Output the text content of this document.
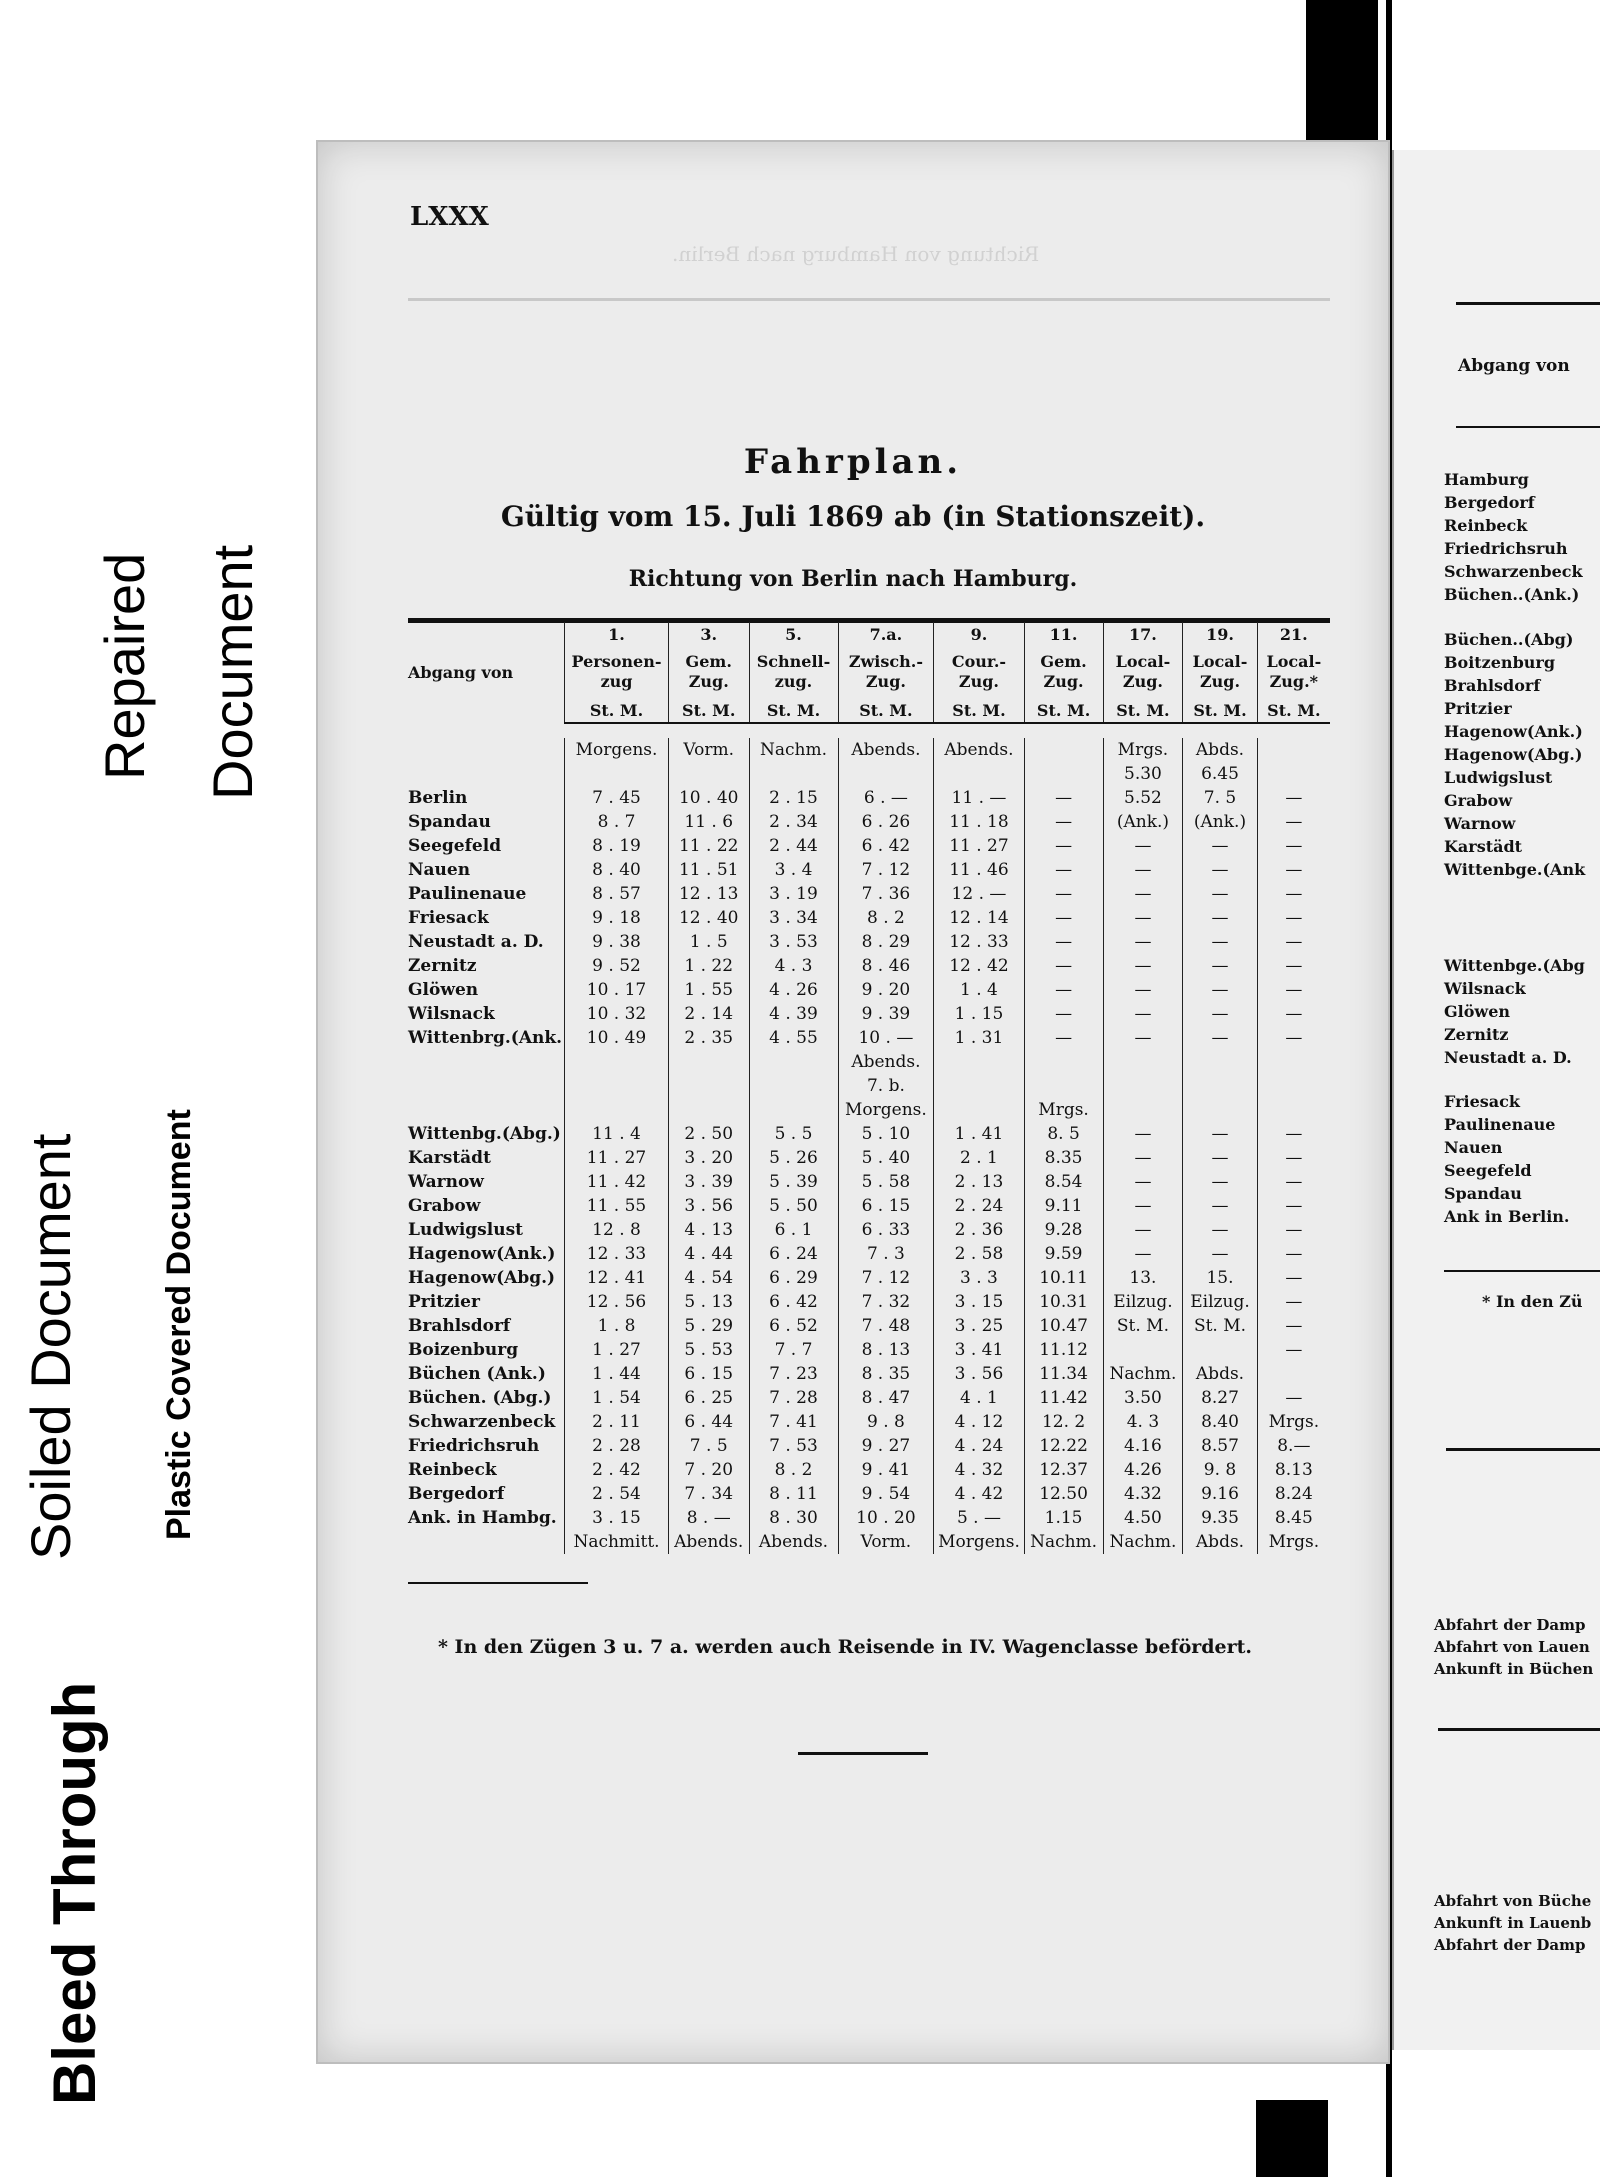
Repaired Document
Soiled Document Plastic Covered Document
Bleed Through
LXXX
Richtung von Hamburg nach Berlin.
Fahrplan.
Gültig vom 15. Juli 1869 ab (in Stationszeit).
Richtung von Berlin nach Hamburg.
	1.	3.	5.	7.a.	9.	11.	17.	19.	21.
Abgang von	Personen-zug	Gem. Zug.	Schnell-zug.	Zwisch.-Zug.	Cour.-Zug.	Gem. Zug.	Local-Zug.	Local-Zug.	Local-Zug.*
	St. M.	St. M.	St. M.	St. M.	St. M.	St. M.	St. M.	St. M.	St. M.

	Morgens.	Vorm.	Nachm.	Abends.	Abends.		Mrgs.	Abds.	
							5.30	6.45	
Berlin	7 . 45	10 . 40	2 . 15	6 . —	11 . —	—	5.52	7. 5	—
Spandau	8 . 7	11 . 6	2 . 34	6 . 26	11 . 18	—	(Ank.)	(Ank.)	—
Seegefeld	8 . 19	11 . 22	2 . 44	6 . 42	11 . 27	—	—	—	—
Nauen	8 . 40	11 . 51	3 . 4	7 . 12	11 . 46	—	—	—	—
Paulinenaue	8 . 57	12 . 13	3 . 19	7 . 36	12 . —	—	—	—	—
Friesack	9 . 18	12 . 40	3 . 34	8 . 2	12 . 14	—	—	—	—
Neustadt a. D.	9 . 38	1 . 5	3 . 53	8 . 29	12 . 33	—	—	—	—
Zernitz	9 . 52	1 . 22	4 . 3	8 . 46	12 . 42	—	—	—	—
Glöwen	10 . 17	1 . 55	4 . 26	9 . 20	1 . 4	—	—	—	—
Wilsnack	10 . 32	2 . 14	4 . 39	9 . 39	1 . 15	—	—	—	—
Wittenbrg.(Ank.	10 . 49	2 . 35	4 . 55	10 . —	1 . 31	—	—	—	—
				Abends.					
				7. b.					
				Morgens.		Mrgs.			
Wittenbg.(Abg.)	11 . 4	2 . 50	5 . 5	5 . 10	1 . 41	8. 5	—	—	—
Karstädt	11 . 27	3 . 20	5 . 26	5 . 40	2 . 1	8.35	—	—	—
Warnow	11 . 42	3 . 39	5 . 39	5 . 58	2 . 13	8.54	—	—	—
Grabow	11 . 55	3 . 56	5 . 50	6 . 15	2 . 24	9.11	—	—	—
Ludwigslust	12 . 8	4 . 13	6 . 1	6 . 33	2 . 36	9.28	—	—	—
Hagenow(Ank.)	12 . 33	4 . 44	6 . 24	7 . 3	2 . 58	9.59	—	—	—
Hagenow(Abg.)	12 . 41	4 . 54	6 . 29	7 . 12	3 . 3	10.11	13.	15.	—
Pritzier	12 . 56	5 . 13	6 . 42	7 . 32	3 . 15	10.31	Eilzug.	Eilzug.	—
Brahlsdorf	1 . 8	5 . 29	6 . 52	7 . 48	3 . 25	10.47	St. M.	St. M.	—
Boizenburg	1 . 27	5 . 53	7 . 7	8 . 13	3 . 41	11.12			—
Büchen (Ank.)	1 . 44	6 . 15	7 . 23	8 . 35	3 . 56	11.34	Nachm.	Abds.	
Büchen. (Abg.)	1 . 54	6 . 25	7 . 28	8 . 47	4 . 1	11.42	3.50	8.27	—
Schwarzenbeck	2 . 11	6 . 44	7 . 41	9 . 8	4 . 12	12. 2	4. 3	8.40	Mrgs.
Friedrichsruh	2 . 28	7 . 5	7 . 53	9 . 27	4 . 24	12.22	4.16	8.57	8.—
Reinbeck	2 . 42	7 . 20	8 . 2	9 . 41	4 . 32	12.37	4.26	9. 8	8.13
Bergedorf	2 . 54	7 . 34	8 . 11	9 . 54	4 . 42	12.50	4.32	9.16	8.24
Ank. in Hambg.	3 . 15	8 . —	8 . 30	10 . 20	5 . —	1.15	4.50	9.35	8.45
	Nachmitt.	Abends.	Abends.	Vorm.	Morgens.	Nachm.	Nachm.	Abds.	Mrgs.
* In den Zügen 3 u. 7 a. werden auch Reisende in IV. Wagenclasse befördert.
Abgang von
Hamburg
Bergedorf
Reinbeck
Friedrichsruh
Schwarzenbeck
Büchen..(Ank.)
Büchen..(Abg)
Boitzenburg
Brahlsdorf
Pritzier
Hagenow(Ank.)
Hagenow(Abg.)
Ludwigslust
Grabow
Warnow
Karstädt
Wittenbge.(Ank
Wittenbge.(Abg
Wilsnack
Glöwen
Zernitz
Neustadt a. D.
Friesack
Paulinenaue
Nauen
Seegefeld
Spandau
Ank in Berlin.
* In den Zü
Abfahrt der Damp
Abfahrt von Lauen
Ankunft in Büchen
Abfahrt von Büche
Ankunft in Lauenb
Abfahrt der Damp
